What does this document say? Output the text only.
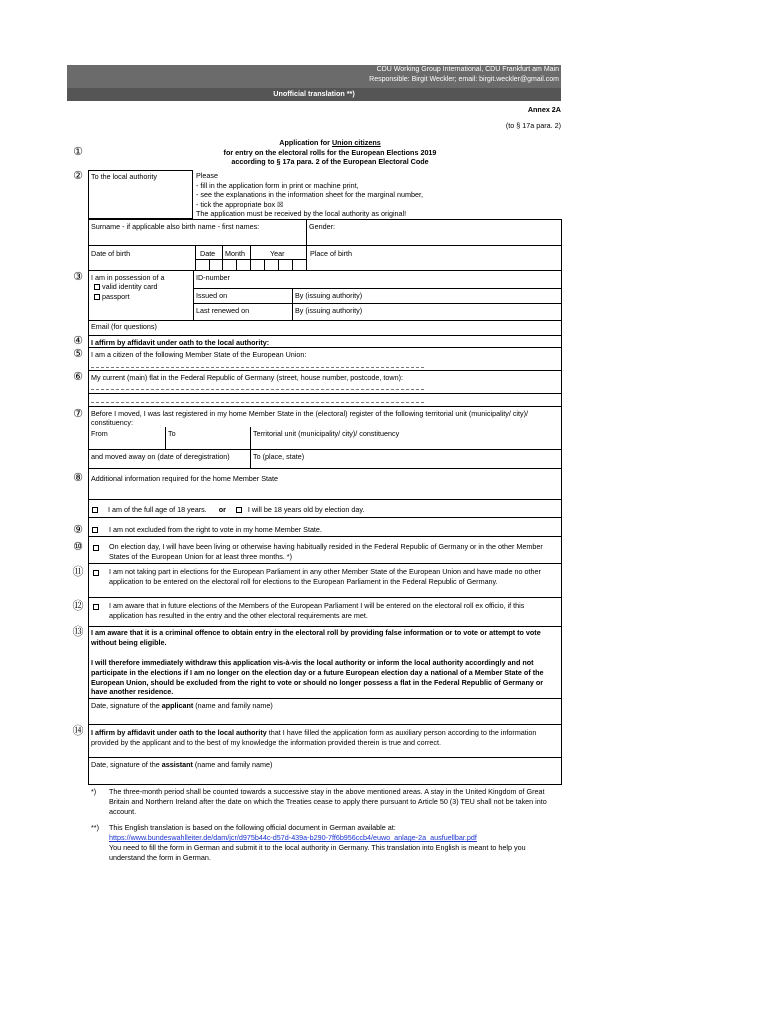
CDU Working Group International, CDU Frankfurt am Main
Responsible: Birgit Weckler; email: birgit.weckler@gmail.com
Unofficial translation **)
Annex 2A
(to § 17a para. 2)
Application for Union citizens
for entry on the electoral rolls for the European Elections 2019
according to § 17a para. 2 of the European Electoral Code
①
②
③
④
⑤
⑥
⑦
⑧
⑨
⑩
⑪
⑫
⑬
⑭
To the local authority	Please
- fill in the application form in print or machine print,
- see the explanations in the information sheet for the marginal number,
- tick the appropriate box ☒
The application must be received by the local authority as original!
Surname - if applicable also birth name - first names:	Gender:
Date of birth	Date Month	Year	Place of birth
I am in possession of a
valid identity card
passport
ID-number
Issued on	By (issuing authority)
Last renewed on	By (issuing authority)
Email (for questions)
I affirm by affidavit under oath to the local authority:
I am a citizen of the following Member State of the European Union:
My current (main) flat in the Federal Republic of Germany (street, house number, postcode, town):
Before I moved, I was last registered in my home Member State in the (electoral) register of the following territorial unit (municipality/ city)/ constituency:
From	To	Territorial unit (municipality/ city)/ constituency
and moved away on (date of deregistration)	To (place, state)
Additional information required for the home Member State
I am of the full age of 18 years. or	I will be 18 years old by election day.
I am not excluded from the right to vote in my home Member State.
On election day, I will have been living or otherwise having habitually resided in the Federal Republic of Germany or in the other Member States of the European Union for at least three months. *)
I am not taking part in elections for the European Parliament in any other Member State of the European Union and have made no other application to be entered on the electoral roll for elections to the European Parliament in the Federal Republic of Germany.
I am aware that in future elections of the Members of the European Parliament I will be entered on the electoral roll ex officio, if this application has resulted in the entry and the other electoral requirements are met.
I am aware that it is a criminal offence to obtain entry in the electoral roll by providing false information or to vote or attempt to vote without being eligible.
I will therefore immediately withdraw this application vis-à-vis the local authority or inform the local authority accordingly and not participate in the elections if I am no longer on the election day or a future European election day a national of a Member State of the European Union, should be excluded from the right to vote or should no longer possess a flat in the Federal Republic of Germany or have another residence.
Date, signature of the applicant (name and family name)
I affirm by affidavit under oath to the local authority that I have filled the application form as auxiliary person according to the information provided by the applicant and to the best of my knowledge the information provided therein is true and correct.
Date, signature of the assistant (name and family name)
*) The three-month period shall be counted towards a successive stay in the above mentioned areas. A stay in the United Kingdom of Great Britain and Northern Ireland after the date on which the Treaties cease to apply there pursuant to Article 50 (3) TEU shall not be taken into account.
**) This English translation is based on the following official document in German available at:
https://www.bundeswahlleiter.de/dam/jcr/d975b44c-d57d-439a-b290-7ff6b956ccb4/euwo_anlage-2a_ausfuellbar.pdf
You need to fill the form in German and submit it to the local authority in Germany. This translation into English is meant to help you understand the form in German.
